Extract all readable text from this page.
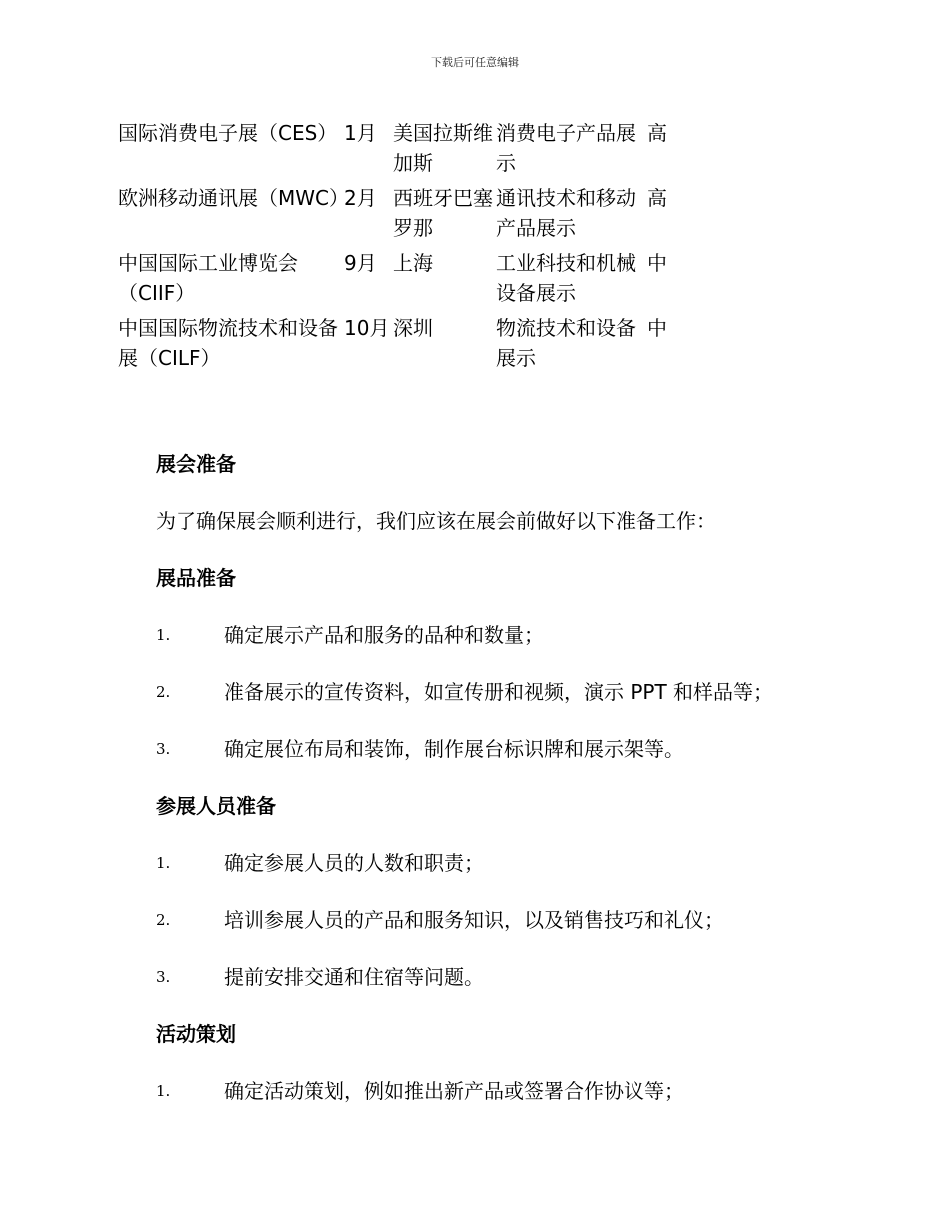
下载后可任意编辑
国际消费电子展（CES）	1月	美国拉斯维加斯	消费电子产品展示	高
欧洲移动通讯展（MWC）	2月	西班牙巴塞罗那	通讯技术和移动产品展示	高
中国国际工业博览会（CIIF）	9月	上海	工业科技和机械设备展示	中
中国国际物流技术和设备展（CILF）	10月	深圳	物流技术和设备展示	中
展会准备
为了确保展会顺利进行，我们应该在展会前做好以下准备工作：
展品准备
1.	确定展示产品和服务的品种和数量；
2.	准备展示的宣传资料，如宣传册和视频，演示 PPT 和样品等；
3.	确定展位布局和装饰，制作展台标识牌和展示架等。
参展人员准备
1.	确定参展人员的人数和职责；
2.	培训参展人员的产品和服务知识，以及销售技巧和礼仪；
3.	提前安排交通和住宿等问题。
活动策划
1.	确定活动策划，例如推出新产品或签署合作协议等；
